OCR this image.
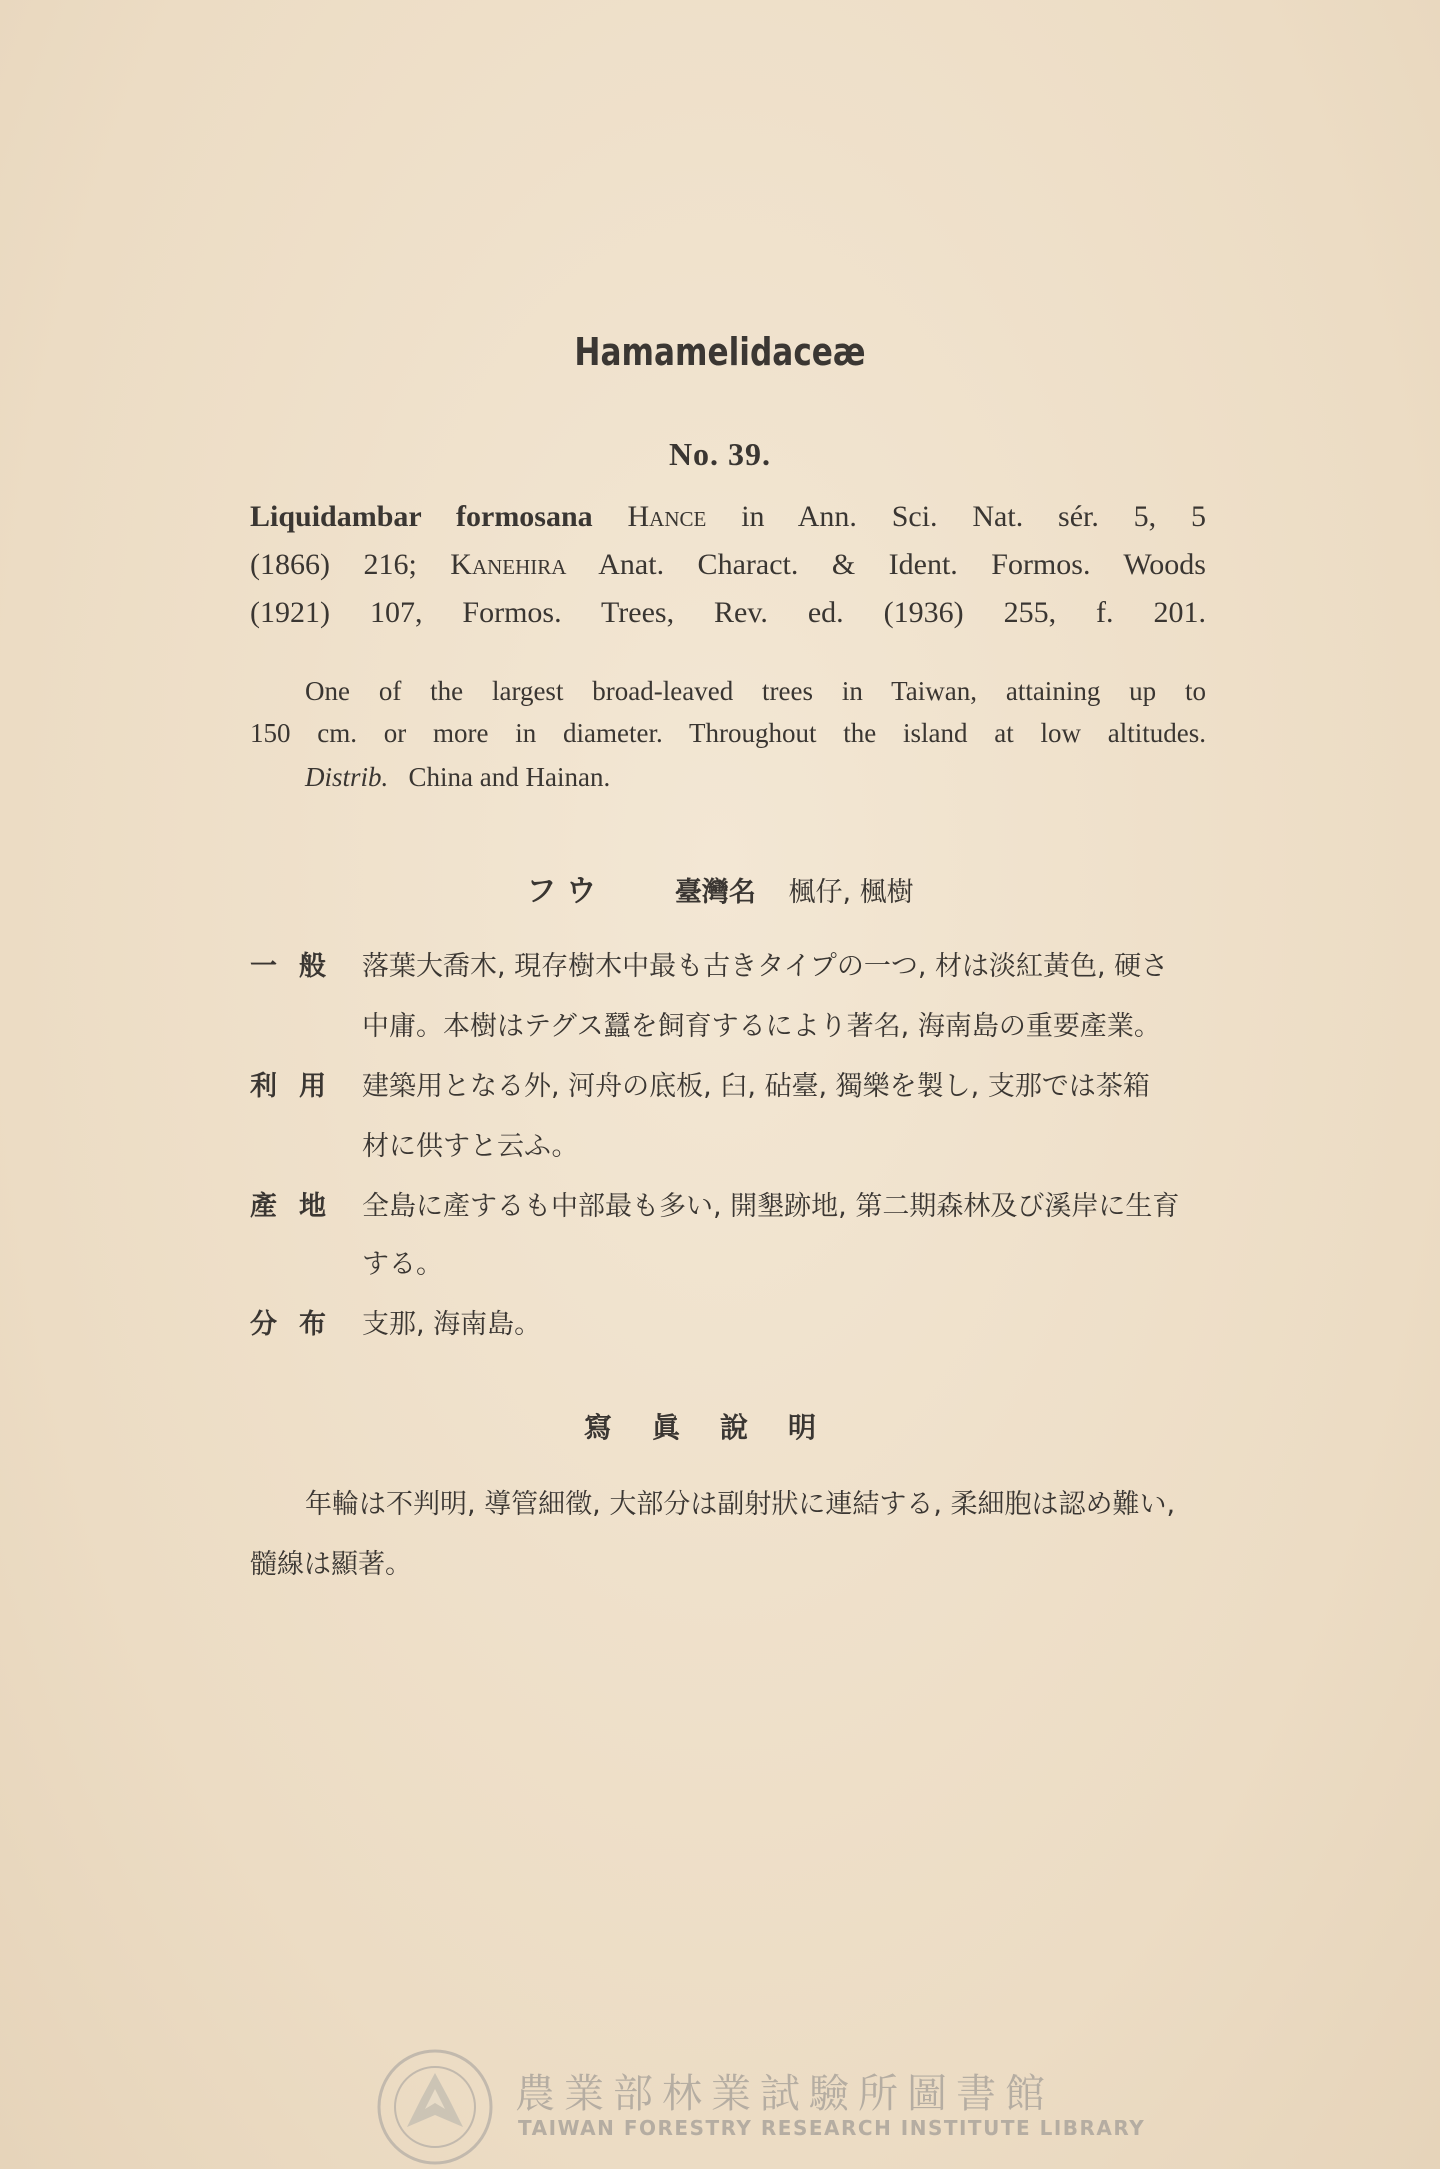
Hamamelidaceæ
No. 39.
Liquidambar formosana Hance in Ann. Sci. Nat. sér. 5, 5
(1866) 216; Kanehira Anat. Charact. & Ident. Formos. Woods
(1921) 107, Formos. Trees, Rev. ed. (1936) 255, f. 201.
One of the largest broad-leaved trees in Taiwan, attaining up to
150 cm. or more in diameter. Throughout the island at low altitudes.
Distrib. China and Hainan.
フウ	臺灣名 楓仔, 楓樹
一般 落葉大喬木, 現存樹木中最も古きタイプの一つ, 材は淡紅黃色, 硬さ
中庸。本樹はテグス蠶を飼育するにより著名, 海南島の重要產業。
利用 建築用となる外, 河舟の底板, 臼, 砧臺, 獨樂を製し, 支那では茶箱
材に供すと云ふ。
產地 全島に產するも中部最も多い, 開墾跡地, 第二期森林及び溪岸に生育
する。
分布 支那, 海南島。
寫眞說明
年輪は不判明, 導管細徵, 大部分は副射狀に連結する, 柔細胞は認め難い,
髓線は顯著。
農業部林業試驗所圖書館
TAIWAN FORESTRY RESEARCH INSTITUTE LIBRARY
